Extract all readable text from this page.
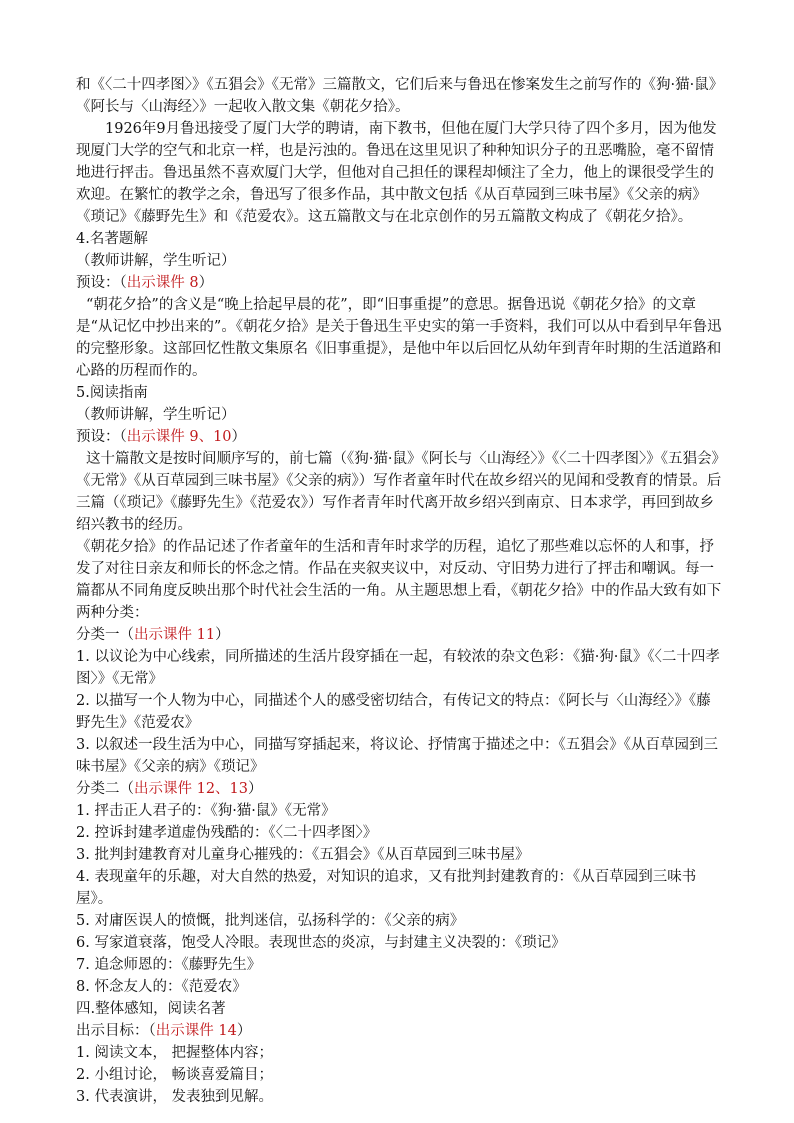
和《〈二十四孝图〉》《五猖会》《无常》三篇散文，它们后来与鲁迅在惨案发生之前写作的《狗·猫·鼠》《阿长与〈山海经〉》一起收入散文集《朝花夕拾》。

1926年9月鲁迅接受了厦门大学的聘请，南下教书，但他在厦门大学只待了四个多月，因为他发现厦门大学的空气和北京一样，也是污浊的。鲁迅在这里见识了种种知识分子的丑恶嘴脸，毫不留情地进行抨击。鲁迅虽然不喜欢厦门大学，但他对自己担任的课程却倾注了全力，他上的课很受学生的欢迎。在繁忙的教学之余，鲁迅写了很多作品，其中散文包括《从百草园到三味书屋》《父亲的病》《琐记》《藤野先生》和《范爱农》。这五篇散文与在北京创作的另五篇散文构成了《朝花夕拾》。

4.名著题解

（教师讲解，学生听记）

预设：（出示课件 8）

“朝花夕拾”的含义是“晚上拾起早晨的花”，即“旧事重提”的意思。据鲁迅说《朝花夕拾》的文章是“从记忆中抄出来的”。《朝花夕拾》是关于鲁迅生平史实的第一手资料，我们可以从中看到早年鲁迅的完整形象。这部回忆性散文集原名《旧事重提》，是他中年以后回忆从幼年到青年时期的生活道路和心路的历程而作的。

5.阅读指南

（教师讲解，学生听记）

预设：（出示课件 9、10）

这十篇散文是按时间顺序写的，前七篇（《狗·猫·鼠》《阿长与〈山海经〉》《〈二十四孝图〉》《五猖会》《无常》《从百草园到三味书屋》《父亲的病》）写作者童年时代在故乡绍兴的见闻和受教育的情景。后三篇（《琐记》《藤野先生》《范爱农》）写作者青年时代离开故乡绍兴到南京、日本求学，再回到故乡绍兴教书的经历。

《朝花夕拾》的作品记述了作者童年的生活和青年时求学的历程，追忆了那些难以忘怀的人和事，抒发了对往日亲友和师长的怀念之情。作品在夹叙夹议中，对反动、守旧势力进行了抨击和嘲讽。每一篇都从不同角度反映出那个时代社会生活的一角。从主题思想上看，《朝花夕拾》中的作品大致有如下两种分类：

分类一（出示课件 11）

1. 以议论为中心线索，同所描述的生活片段穿插在一起，有较浓的杂文色彩：《猫·狗·鼠》《〈二十四孝图〉》《无常》

2. 以描写一个人物为中心，同描述个人的感受密切结合，有传记文的特点：《阿长与〈山海经〉》《藤野先生》《范爱农》

3. 以叙述一段生活为中心，同描写穿插起来，将议论、抒情寓于描述之中：《五猖会》《从百草园到三味书屋》《父亲的病》《琐记》

分类二（出示课件 12、13）

1. 抨击正人君子的：《狗·猫·鼠》《无常》

2. 控诉封建孝道虚伪残酷的：《〈二十四孝图〉》

3. 批判封建教育对儿童身心摧残的：《五猖会》《从百草园到三味书屋》

4. 表现童年的乐趣，对大自然的热爱，对知识的追求，又有批判封建教育的：《从百草园到三味书屋》。

5. 对庸医误人的愤慨，批判迷信，弘扬科学的：《父亲的病》

6. 写家道衰落，饱受人冷眼。表现世态的炎凉，与封建主义决裂的：《琐记》

7. 追念师恩的：《藤野先生》

8. 怀念友人的：《范爱农》

四.整体感知，阅读名著

出示目标：（出示课件 14）

1. 阅读文本， 把握整体内容；

2. 小组讨论， 畅谈喜爱篇目；

3. 代表演讲， 发表独到见解。
